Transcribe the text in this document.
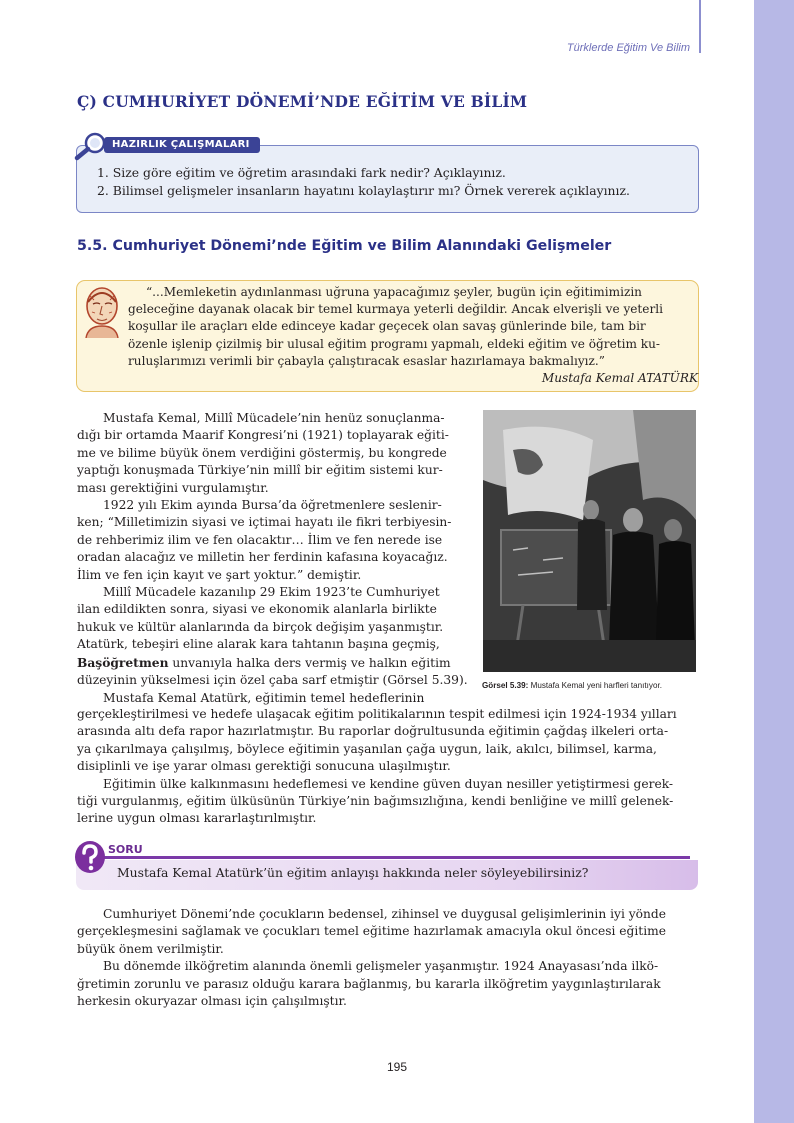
Türklerde Eğitim Ve Bilim
Ç) CUMHURİYET DÖNEMİ’NDE EĞİTİM VE BİLİM
HAZIRLIK ÇALIŞMALARI
1. Size göre eğitim ve öğretim arasındaki fark nedir? Açıklayınız.
2. Bilimsel gelişmeler insanların hayatını kolaylaştırır mı? Örnek vererek açıklayınız.
5.5. Cumhuriyet Dönemi’nde Eğitim ve Bilim Alanındaki Gelişmeler
“...Memleketin aydınlanması uğruna yapacağımız şeyler, bugün için eğitimimizin
geleceğine dayanak olacak bir temel kurmaya yeterli değildir. Ancak elverişli ve yeterli
koşullar ile araçları elde edinceye kadar geçecek olan savaş günlerinde bile, tam bir
özenle işlenip çizilmiş bir ulusal eğitim programı yapmalı, eldeki eğitim ve öğretim ku-
ruluşlarımızı verimli bir çabayla çalıştıracak esaslar hazırlamaya bakmalıyız.”
Mustafa Kemal ATATÜRK
Mustafa Kemal, Millî Mücadele’nin henüz sonuçlanma-
dığı bir ortamda Maarif Kongresi’ni (1921) toplayarak eğiti-
me ve bilime büyük önem verdiğini göstermiş, bu kongrede
yaptığı konuşmada Türkiye’nin millî bir eğitim sistemi kur-
ması gerektiğini vurgulamıştır.
1922 yılı Ekim ayında Bursa’da öğretmenlere seslenir-
ken; “Milletimizin siyasi ve içtimai hayatı ile fikri terbiyesin-
de rehberimiz ilim ve fen olacaktır… İlim ve fen nerede ise
oradan alacağız ve milletin her ferdinin kafasına koyacağız.
İlim ve fen için kayıt ve şart yoktur.” demiştir.
Millî Mücadele kazanılıp 29 Ekim 1923’te Cumhuriyet
ilan edildikten sonra, siyasi ve ekonomik alanlarla birlikte
hukuk ve kültür alanlarında da birçok değişim yaşanmıştır.
Atatürk, tebeşiri eline alarak kara tahtanın başına geçmiş,
Başöğretmen unvanıyla halka ders vermiş ve halkın eğitim
düzeyinin yükselmesi için özel çaba sarf etmiştir (Görsel 5.39).
Mustafa Kemal Atatürk, eğitimin temel hedeflerinin
Görsel 5.39: Mustafa Kemal yeni harfleri tanıtıyor.
gerçekleştirilmesi ve hedefe ulaşacak eğitim politikalarının tespit edilmesi için 1924-1934 yılları
arasında altı defa rapor hazırlatmıştır. Bu raporlar doğrultusunda eğitimin çağdaş ilkeleri orta-
ya çıkarılmaya çalışılmış, böylece eğitimin yaşanılan çağa uygun, laik, akılcı, bilimsel, karma,
disiplinli ve işe yarar olması gerektiği sonucuna ulaşılmıştır.
Eğitimin ülke kalkınmasını hedeflemesi ve kendine güven duyan nesiller yetiştirmesi gerek-
tiği vurgulanmış, eğitim ülküsünün Türkiye’nin bağımsızlığına, kendi benliğine ve millî gelenek-
lerine uygun olması kararlaştırılmıştır.
SORU
Mustafa Kemal Atatürk’ün eğitim anlayışı hakkında neler söyleyebilirsiniz?
Cumhuriyet Dönemi’nde çocukların bedensel, zihinsel ve duygusal gelişimlerinin iyi yönde
gerçekleşmesini sağlamak ve çocukları temel eğitime hazırlamak amacıyla okul öncesi eğitime
büyük önem verilmiştir.
Bu dönemde ilköğretim alanında önemli gelişmeler yaşanmıştır. 1924 Anayasası’nda ilkö-
ğretimin zorunlu ve parasız olduğu karara bağlanmış, bu kararla ilköğretim yaygınlaştırılarak
herkesin okuryazar olması için çalışılmıştır.
195
